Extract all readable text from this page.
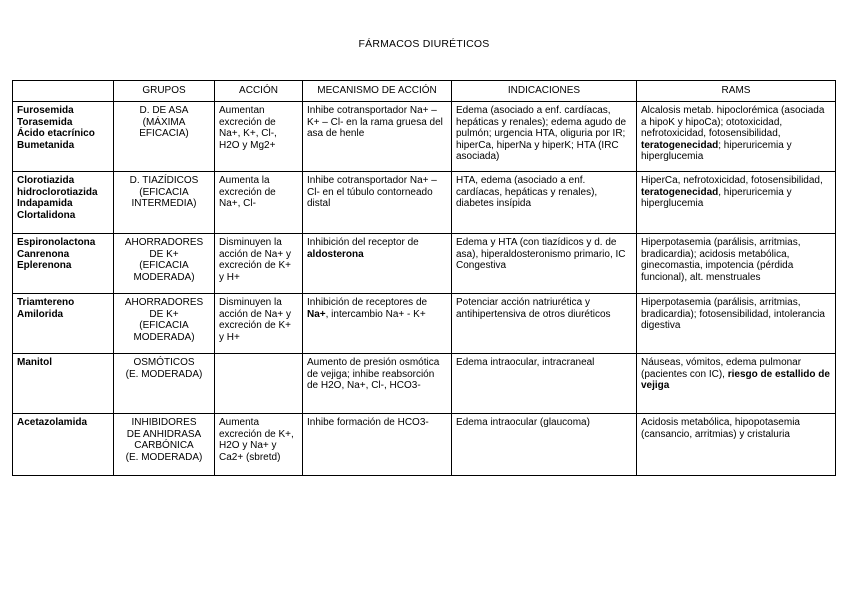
FÁRMACOS DIURÉTICOS
	GRUPOS	ACCIÓN	MECANISMO DE ACCIÓN	INDICACIONES	RAMS

Furosemida
Torasemida
Ácido etacrínico
Bumetanida	D. DE ASA
(MÁXIMA
EFICACIA)	Aumentan excreción de Na+, K+, Cl-, H2O y Mg2+	Inhibe cotransportador Na+ – K+ – Cl- en la rama gruesa del asa de henle	Edema (asociado a enf. cardíacas, hepáticas y renales); edema agudo de pulmón; urgencia HTA, oliguria por IR; hiperCa, hiperNa y hiperK; HTA (IRC asociada)	Alcalosis metab. hipoclorémica (asociada a hipoK y hipoCa); ototoxicidad, nefrotoxicidad, fotosensibilidad, teratogenecidad; hiperuricemia y hiperglucemia

Clorotiazida
hidroclorotiazida
Indapamida
Clortalidona	D. TIAZÍDICOS
(EFICACIA
INTERMEDIA)	Aumenta la excreción de Na+, Cl-	Inhibe cotransportador Na+ – Cl- en el túbulo contorneado distal	HTA, edema (asociado a enf. cardíacas, hepáticas y renales), diabetes insípida	HiperCa, nefrotoxicidad, fotosensibilidad, teratogenecidad, hiperuricemia y hiperglucemia

Espironolactona
Canrenona
Eplerenona	AHORRADORES
DE K+
(EFICACIA
MODERADA)	Disminuyen la acción de Na+ y excreción de K+ y H+	Inhibición del receptor de aldosterona	Edema y HTA (con tiazídicos y d. de asa), hiperaldosteronismo primario, IC Congestiva	Hiperpotasemia (parálisis, arritmias, bradicardia); acidosis metabólica, ginecomastia, impotencia (pérdida funcional), alt. menstruales

Triamtereno
Amilorida	AHORRADORES
DE K+
(EFICACIA
MODERADA)	Disminuyen la acción de Na+ y excreción de K+ y H+	Inhibición de receptores de Na+, intercambio Na+ - K+	Potenciar acción natriurética y antihipertensiva de otros diuréticos	Hiperpotasemia (parálisis, arritmias, bradicardia); fotosensibilidad, intolerancia digestiva

Manitol	OSMÓTICOS
(E. MODERADA)		Aumento de presión osmótica de vejiga; inhibe reabsorción de H2O, Na+, Cl-, HCO3-	Edema intraocular, intracraneal	Náuseas, vómitos, edema pulmonar (pacientes con IC), riesgo de estallido de vejiga

Acetazolamida	INHIBIDORES
DE ANHIDRASA
CARBÓNICA
(E. MODERADA)	Aumenta excreción de K+, H2O y Na+ y Ca2+ (sbretd)	Inhibe formación de HCO3-	Edema intraocular (glaucoma)	Acidosis metabólica, hipopotasemia (cansancio, arritmias) y cristaluria
